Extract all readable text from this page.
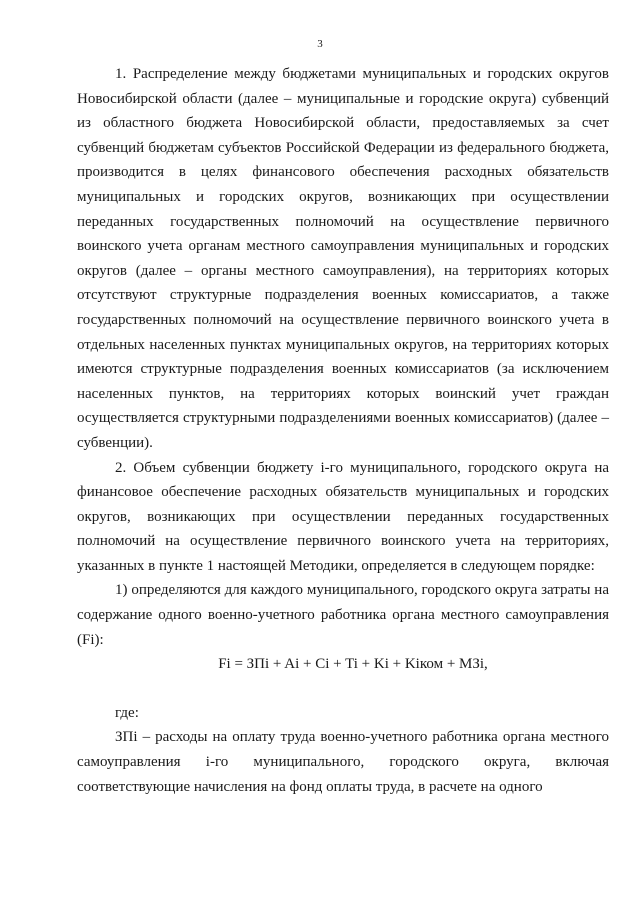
3

1. Распределение между бюджетами муниципальных и городских округов Новосибирской области (далее – муниципальные и городские округа) субвенций из областного бюджета Новосибирской области, предоставляемых за счет субвенций бюджетам субъектов Российской Федерации из федерального бюджета, производится в целях финансового обеспечения расходных обязательств муниципальных и городских округов, возникающих при осуществлении переданных государственных полномочий на осуществление первичного воинского учета органам местного самоуправления муниципальных и городских округов (далее – органы местного самоуправления), на территориях которых отсутствуют структурные подразделения военных комиссариатов, а также государственных полномочий на осуществление первичного воинского учета в отдельных населенных пунктах муниципальных округов, на территориях которых имеются структурные подразделения военных комиссариатов (за исключением населенных пунктов, на территориях которых воинский учет граждан осуществляется структурными подразделениями военных комиссариатов) (далее – субвенции).

2. Объем субвенции бюджету i-го муниципального, городского округа на финансовое обеспечение расходных обязательств муниципальных и городских округов, возникающих при осуществлении переданных государственных полномочий на осуществление первичного воинского учета на территориях, указанных в пункте 1 настоящей Методики, определяется в следующем порядке:

1) определяются для каждого муниципального, городского округа затраты на содержание одного военно-учетного работника органа местного самоуправления (Fi):

Fi = ЗПi + Ai + Ci + Ti + Ki + Kiком + МЗi,

где:

ЗПi – расходы на оплату труда военно-учетного работника органа местного самоуправления i-го муниципального, городского округа, включая соответствующие начисления на фонд оплаты труда, в расчете на одного
